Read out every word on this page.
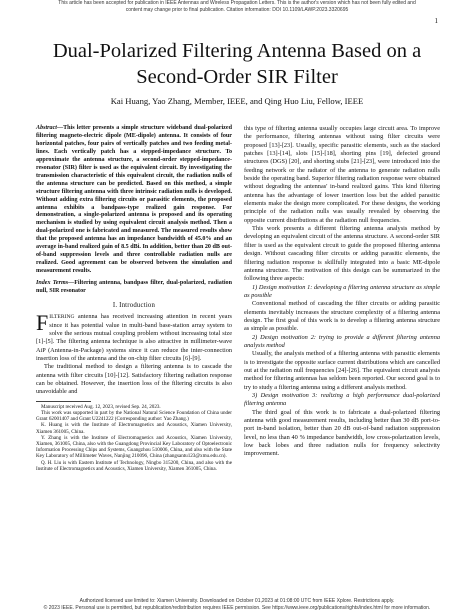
This article has been accepted for publication in IEEE Antennas and Wireless Propagation Letters. This is the author's version which has not been fully edited and
content may change prior to final publication. Citation information: DOI 10.1109/LAWP.2023.3320695
1
Dual-Polarized Filtering Antenna Based on a
Second-Order SIR Filter
Kai Huang, Yao Zhang, Member, IEEE, and Qing Huo Liu, Fellow, IEEE

Abstract—This letter presents a simple structure wideband dual-polarized filtering magneto-electric dipole (ME-dipole) antenna. It consists of four horizontal patches, four pairs of vertically patches and two feeding metal-lines. Each vertically patch has a stepped-impedance structure. To approximate the antenna structure, a second-order stepped-impedance-resonator (SIR) filter is used as the equivalent circuit. By investigating the transmission characteristic of this equivalent circuit, the radiation nulls of the antenna structure can be predicted. Based on this method, a simple structure filtering antenna with three intrinsic radiation nulls is developed. Without adding extra filtering circuits or parasitic elements, the proposed antenna exhibits a bandpass-type realized gain response. For demonstration, a single-polarized antenna is proposed and its operating mechanism is studied by using equivalent circuit analysis method. Then a dual-polarized one is fabricated and measured. The measured results show that the proposed antenna has an impedance bandwidth of 45.0% and an average in-band realized gain of 8.5 dBi. In addition, better than 20 dB out-of-band suppression levels and three controllable radiation nulls are realized. Good agreement can be observed between the simulation and measurement results.

Index Terms—Filtering antenna, bandpass filter, dual-polarized, radiation null, SIR resonator

I. Introduction

FILTERING antenna has received increasing attention in recent years since it has potential value in multi-band base-station array system to solve the serious mutual coupling problem without increasing total size [1]-[5]. The filtering antenna technique is also attractive in millimeter-wave AiP (Antenna-in-Package) systems since it can reduce the inter-connection insertion loss of the antenna and the on-chip filter circuits [6]-[9].

The traditional method to design a filtering antenna is to cascade the antenna with filter circuits [10]-[12]. Satisfactory filtering radiation response can be obtained. However, the insertion loss of the filtering circuits is also unavoidable and

Manuscript received Aug. 12, 2023, revised Sep. 24, 2023.

This work was supported in part by the National Natural Science Foundation of China under Grant 62001407 and Grant U2241222 (Corresponding author: Yao Zhang.)

K. Huang is with the Institute of Electromagnetics and Acoustics, Xiamen University, Xiamen 361005, China.

Y. Zhang is with the Institute of Electromagnetics and Acoustics, Xiamen University, Xiamen, 361005, China, also with the Guangdong Provincial Key Laboratory of Optoelectronic Information Processing Chips and Systems, Guangzhou 510006, China, and also with the State Key Laboratory of Millimeter Waves, Nanjing 210096, China (zhangsantu123@xmu.edu.cn).

Q. H. Liu is with Eastern Institute of Technology, Ningbo 315200, China, and also with the Institute of Electromagnetics and Acoustics, Xiamen University, Xiamen 361005, China.

this type of filtering antenna usually occupies large circuit area. To improve the performance, filtering antennas without using filter circuits were proposed [13]-[23]. Usually, specific parasitic elements, such as the stacked patches [13]-[14], slots [15]-[18], shorting pins [19], defected ground structures (DGS) [20], and shorting stubs [21]-[23], were introduced into the feeding network or the radiator of the antenna to generate radiation nulls beside the operating band. Superior filtering radiation response were obtained without degrading the antennas' in-band realized gains. This kind filtering antenna has the advantage of lower insertion loss but the added parasitic elements make the design more complicated. For these designs, the working principle of the radiation nulls was usually revealed by observing the opposite current distributions at the radiation null frequencies.

This work presents a different filtering antenna analysis method by developing an equivalent circuit of the antenna structure. A second-order SIR filter is used as the equivalent circuit to guide the proposed filtering antenna design. Without cascading filter circuits or adding parasitic elements, the filtering radiation response is skillfully integrated into a basic ME-dipole antenna structure. The motivation of this design can be summarized in the following three aspects:

1) Design motivation 1: developing a filtering antenna structure as simple as possible

Conventional method of cascading the filter circuits or adding parasitic elements inevitably increases the structure complexity of a filtering antenna design. The first goal of this work is to develop a filtering antenna structure as simple as possible.

2) Design motivation 2: trying to provide a different filtering antenna analysis method

Usually, the analysis method of a filtering antenna with parasitic elements is to investigate the opposite surface current distributions which are cancelled out at the radiation null frequencies [24]-[26]. The equivalent circuit analysis method for filtering antennas has seldom been reported. Our second goal is to try to study a filtering antenna using a different analysis method.

3) Design motivation 3: realizing a high performance dual-polarized filtering antenna

The third goal of this work is to fabricate a dual-polarized filtering antenna with good measurement results, including better than 30 dB port-to-port in-band isolation, better than 20 dB out-of-band radiation suppression level, no less than 40 % impedance bandwidth, low cross-polarization levels, low back lobes and three radiation nulls for frequency selectivity improvement.

Authorized licensed use limited to: Xiamen University. Downloaded on October 01,2023 at 01:08:00 UTC from IEEE Xplore. Restrictions apply.
© 2023 IEEE. Personal use is permitted, but republication/redistribution requires IEEE permission. See https://www.ieee.org/publications/rights/index.html for more information.
